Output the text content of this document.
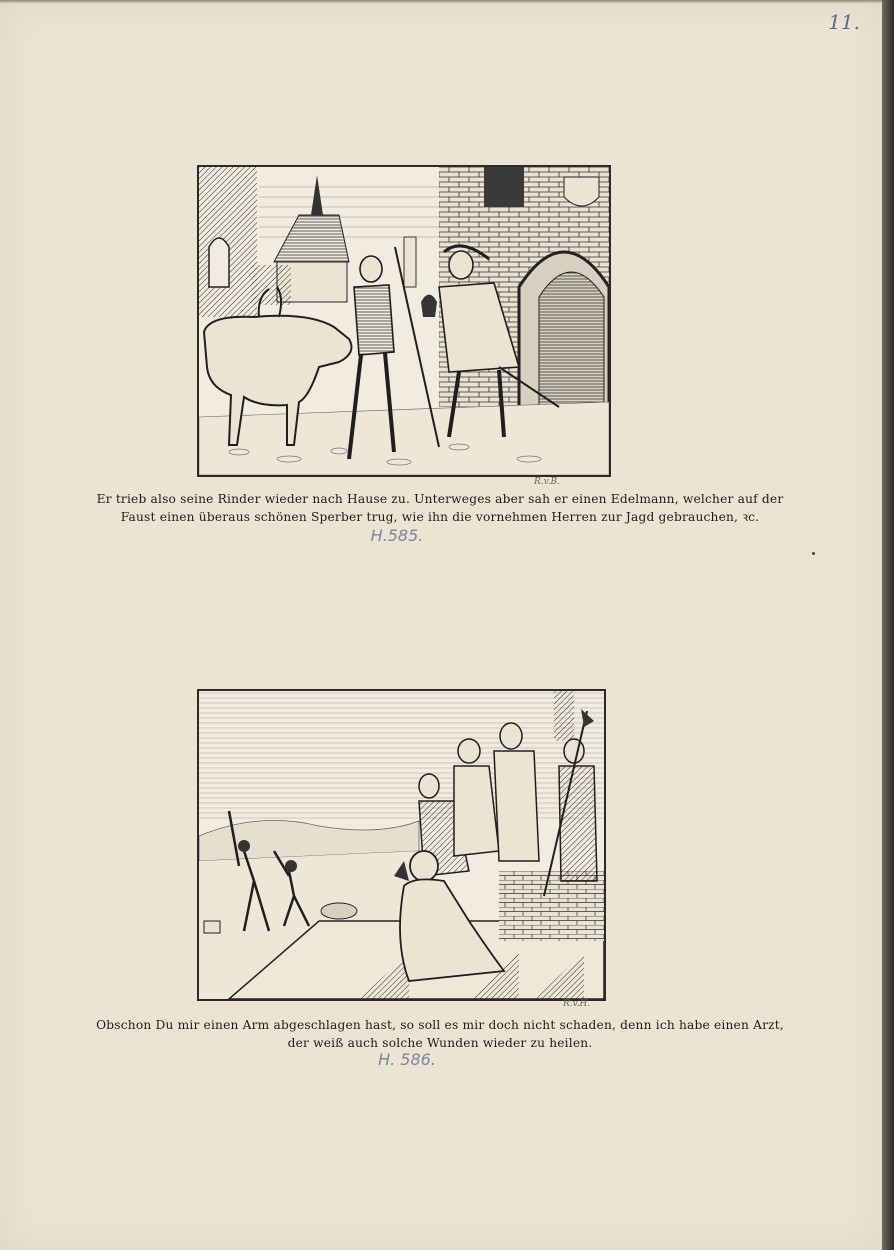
11.
R.v.B.
Er trieb also seine Rinder wieder nach Hause zu. Unterweges aber sah er einen Edelmann, welcher auf der
Faust einen überaus schönen Sperber trug, wie ihn die vornehmen Herren zur Jagd gebrauchen, ꝛc.
H.585.
R.v.H.
Obschon Du mir einen Arm abgeschlagen hast, so soll es mir doch nicht schaden, denn ich habe einen Arzt,
der weiß auch solche Wunden wieder zu heilen.
H. 586.
